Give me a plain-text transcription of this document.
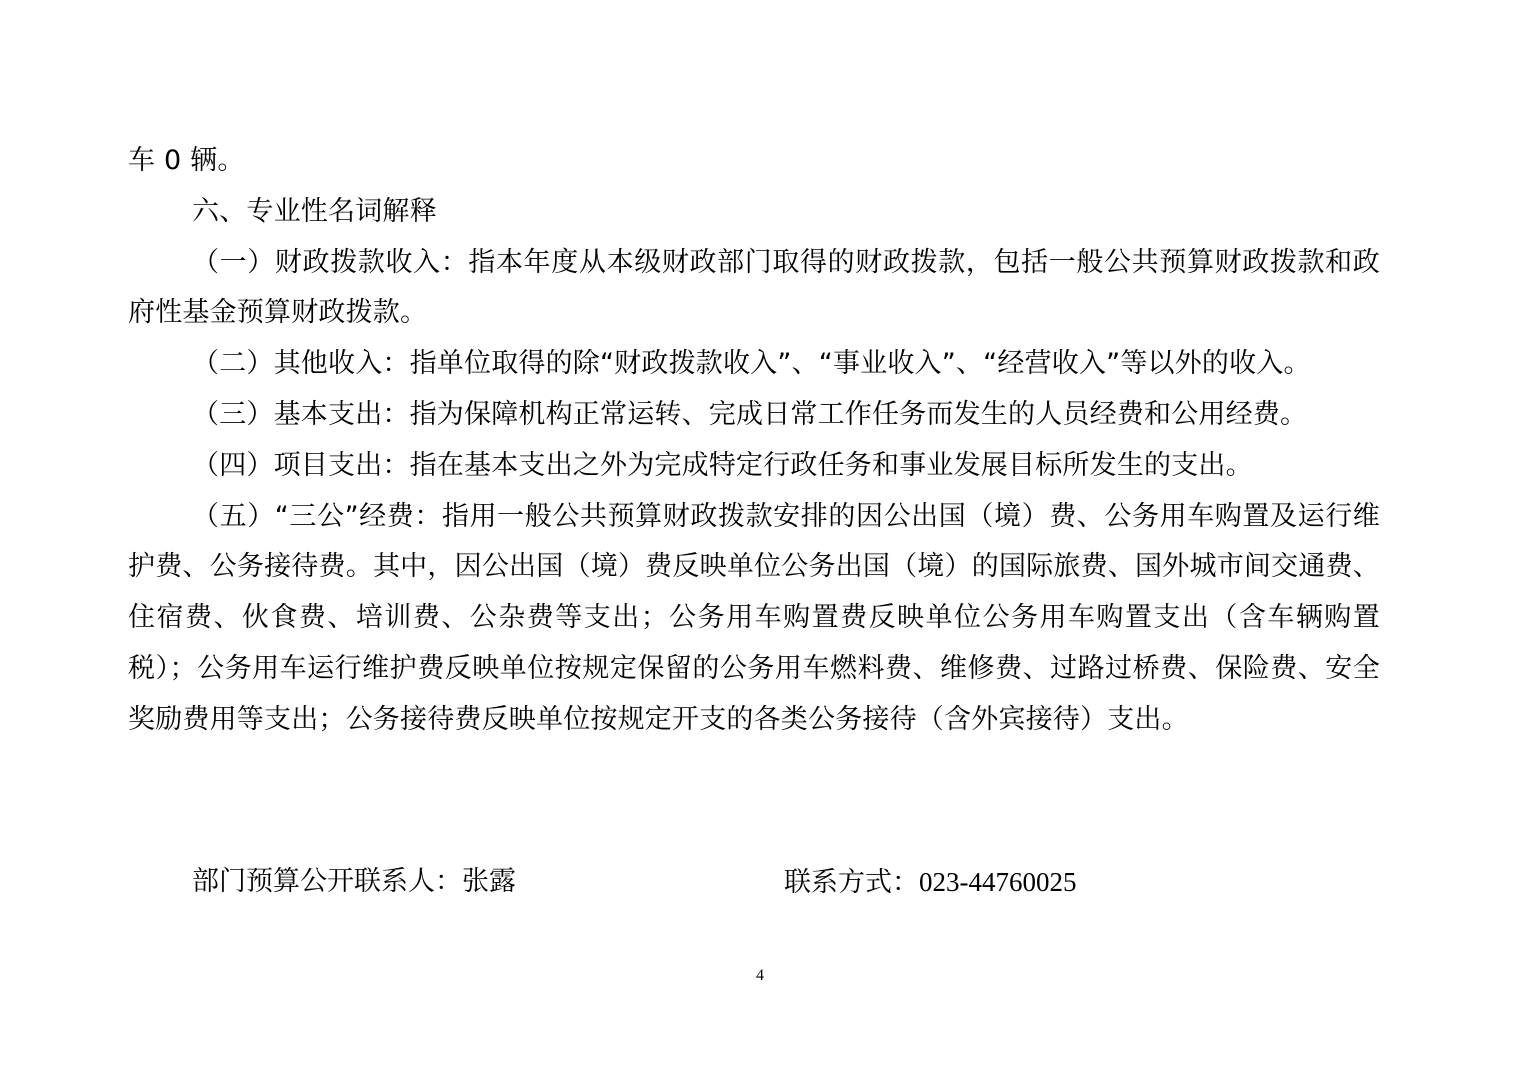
车 0 辆。

六、专业性名词解释

（一）财政拨款收入：指本年度从本级财政部门取得的财政拨款，包括一般公共预算财政拨款和政府性基金预算财政拨款。

（二）其他收入：指单位取得的除“财政拨款收入”、“事业收入”、“经营收入”等以外的收入。

（三）基本支出：指为保障机构正常运转、完成日常工作任务而发生的人员经费和公用经费。

（四）项目支出：指在基本支出之外为完成特定行政任务和事业发展目标所发生的支出。

（五）“三公”经费：指用一般公共预算财政拨款安排的因公出国（境）费、公务用车购置及运行维护费、公务接待费。其中，因公出国（境）费反映单位公务出国（境）的国际旅费、国外城市间交通费、住宿费、伙食费、培训费、公杂费等支出；公务用车购置费反映单位公务用车购置支出（含车辆购置税）；公务用车运行维护费反映单位按规定保留的公务用车燃料费、维修费、过路过桥费、保险费、安全奖励费用等支出；公务接待费反映单位按规定开支的各类公务接待（含外宾接待）支出。

部门预算公开联系人：张露	联系方式：023-44760025
4
